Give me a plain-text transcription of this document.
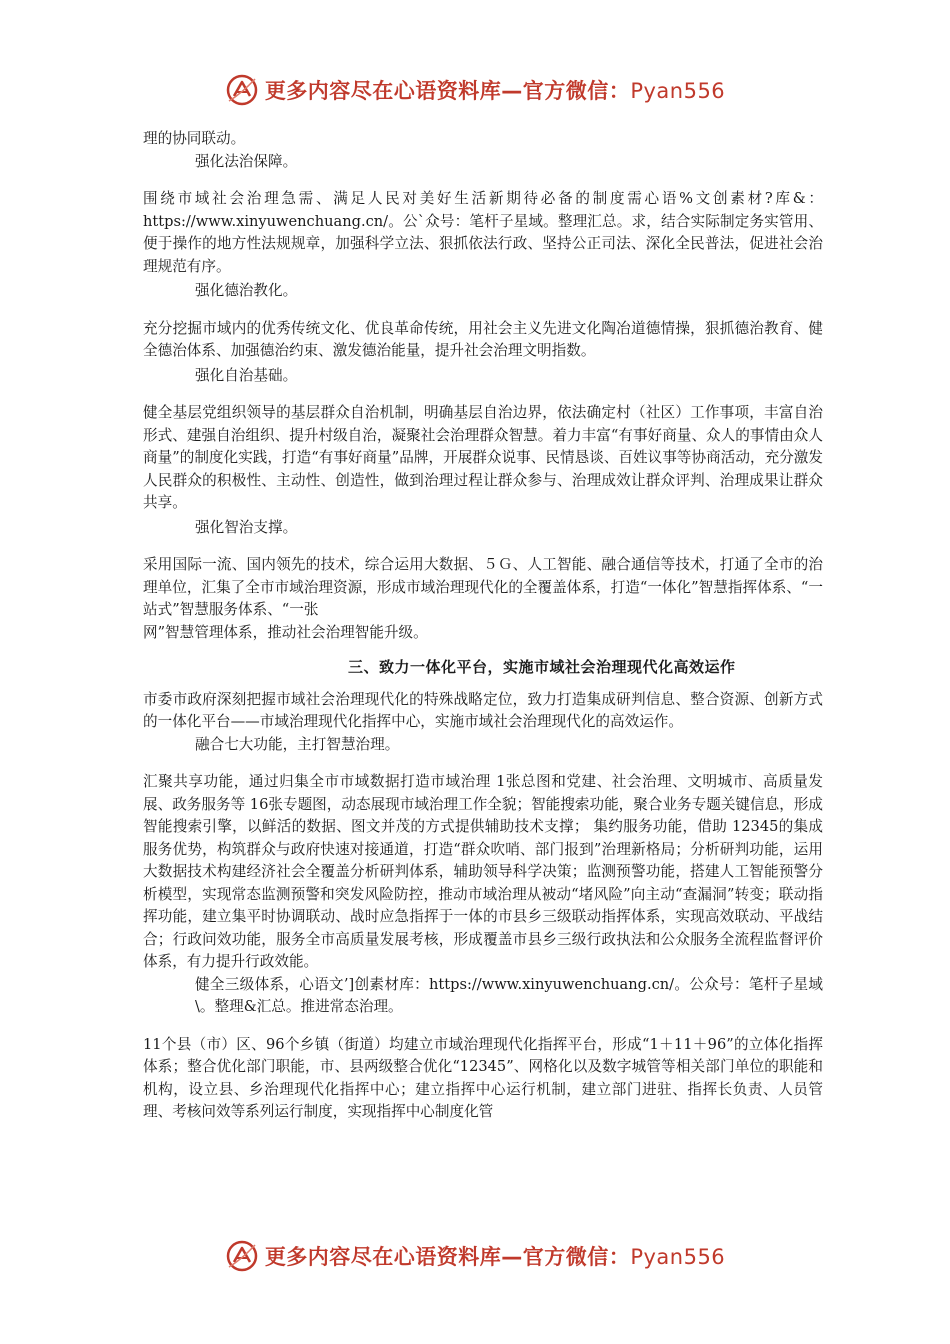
更多内容尽在心语资料库—官方微信：Pyan556

理的协同联动。

强化法治保障。

围绕市域社会治理急需、满足人民对美好生活新期待必备的制度需心语%文创素材?库&：https://www.xinyuwenchuang.cn/。公`众号：笔杆子星域。整理汇总。求，结合实际制定务实管用、便于操作的地方性法规规章，加强科学立法、狠抓依法行政、坚持公正司法、深化全民普法，促进社会治理规范有序。

强化德治教化。

充分挖掘市域内的优秀传统文化、优良革命传统，用社会主义先进文化陶冶道德情操，狠抓德治教育、健全德治体系、加强德治约束、激发德治能量，提升社会治理文明指数。

强化自治基础。

健全基层党组织领导的基层群众自治机制，明确基层自治边界，依法确定村（社区）工作事项，丰富自治形式、建强自治组织、提升村级自治，凝聚社会治理群众智慧。着力丰富“有事好商量、众人的事情由众人商量”的制度化实践，打造“有事好商量”品牌，开展群众说事、民情恳谈、百姓议事等协商活动，充分激发人民群众的积极性、主动性、创造性，做到治理过程让群众参与、治理成效让群众评判、治理成果让群众共享。

强化智治支撑。

采用国际一流、国内领先的技术，综合运用大数据、５Ｇ、人工智能、融合通信等技术，打通了全市的治理单位，汇集了全市市域治理资源，形成市域治理现代化的全覆盖体系，打造“一体化”智慧指挥体系、“一站式”智慧服务体系、“一张

网”智慧管理体系，推动社会治理智能升级。

三、致力一体化平台，实施市域社会治理现代化高效运作

市委市政府深刻把握市域社会治理现代化的特殊战略定位，致力打造集成研判信息、整合资源、创新方式的一体化平台——市域治理现代化指挥中心，实施市域社会治理现代化的高效运作。

融合七大功能，主打智慧治理。

汇聚共享功能，通过归集全市市域数据打造市域治理 1张总图和党建、社会治理、文明城市、高质量发展、政务服务等 16张专题图，动态展现市域治理工作全貌；智能搜索功能，聚合业务专题关键信息，形成智能搜索引擎，以鲜活的数据、图文并茂的方式提供辅助技术支撑； 集约服务功能，借助 12345的集成服务优势，构筑群众与政府快速对接通道，打造“群众吹哨、部门报到”治理新格局；分析研判功能，运用大数据技术构建经济社会全覆盖分析研判体系，辅助领导科学决策；监测预警功能，搭建人工智能预警分析模型，实现常态监测预警和突发风险防控，推动市域治理从被动“堵风险”向主动“查漏洞”转变；联动指挥功能，建立集平时协调联动、战时应急指挥于一体的市县乡三级联动指挥体系，实现高效联动、平战结合；行政问效功能，服务全市高质量发展考核，形成覆盖市县乡三级行政执法和公众服务全流程监督评价体系，有力提升行政效能。

健全三级体系，心语文’]创素材库：https://www.xinyuwenchuang.cn/。公众号：笔杆子星域\。整理&汇总。推进常态治理。

11个县（市）区、96个乡镇（街道）均建立市域治理现代化指挥平台，形成“1＋11＋96”的立体化指挥体系；整合优化部门职能，市、县两级整合优化“12345”、网格化以及数字城管等相关部门单位的职能和机构，设立县、乡治理现代化指挥中心；建立指挥中心运行机制，建立部门进驻、指挥长负责、人员管理、考核问效等系列运行制度，实现指挥中心制度化管

更多内容尽在心语资料库—官方微信：Pyan556
